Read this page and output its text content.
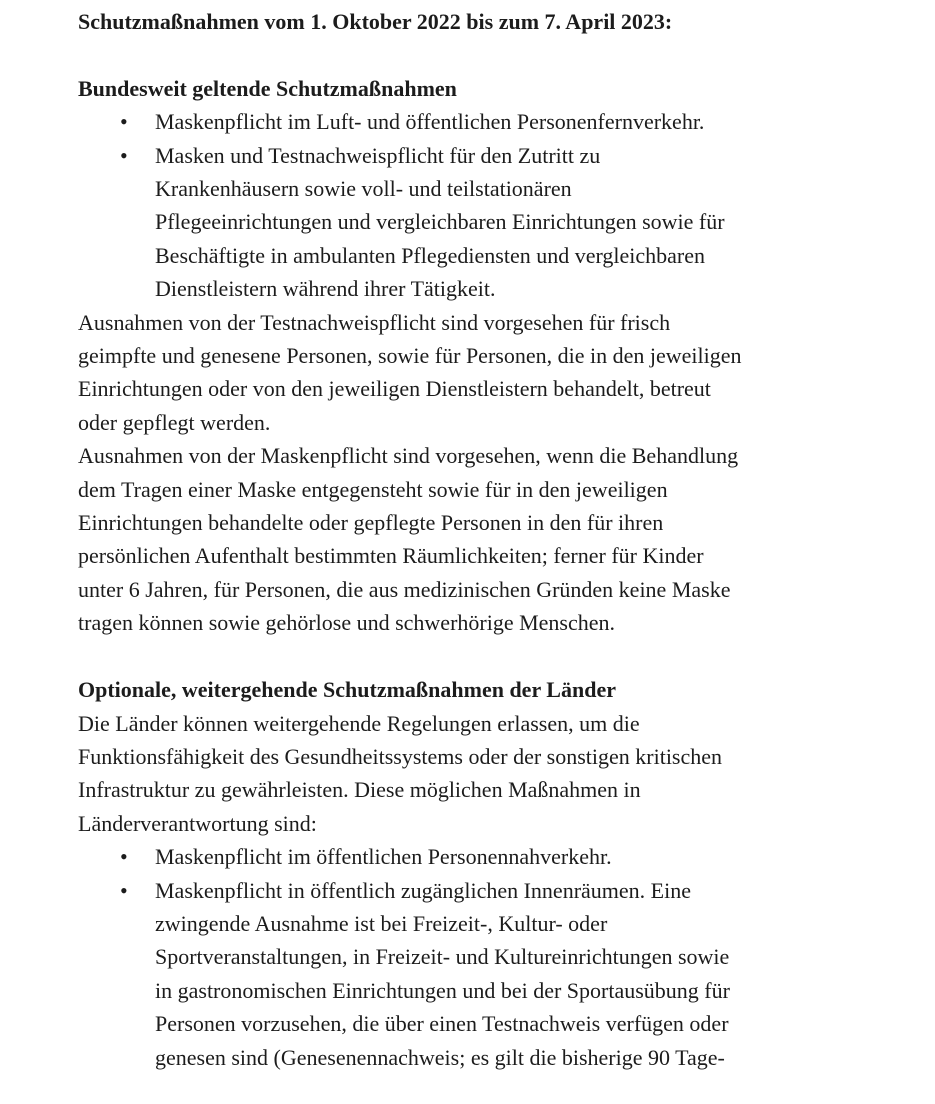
Schutzmaßnahmen vom 1. Oktober 2022 bis zum 7. April 2023:
Bundesweit geltende Schutzmaßnahmen
• Maskenpflicht im Luft- und öffentlichen Personenfernverkehr.
• Masken und Testnachweispflicht für den Zutritt zu
Krankenhäusern sowie voll- und teilstationären
Pflegeeinrichtungen und vergleichbaren Einrichtungen sowie für
Beschäftigte in ambulanten Pflegediensten und vergleichbaren
Dienstleistern während ihrer Tätigkeit.
Ausnahmen von der Testnachweispflicht sind vorgesehen für frisch
geimpfte und genesene Personen, sowie für Personen, die in den jeweiligen
Einrichtungen oder von den jeweiligen Dienstleistern behandelt, betreut
oder gepflegt werden.
Ausnahmen von der Maskenpflicht sind vorgesehen, wenn die Behandlung
dem Tragen einer Maske entgegensteht sowie für in den jeweiligen
Einrichtungen behandelte oder gepflegte Personen in den für ihren
persönlichen Aufenthalt bestimmten Räumlichkeiten; ferner für Kinder
unter 6 Jahren, für Personen, die aus medizinischen Gründen keine Maske
tragen können sowie gehörlose und schwerhörige Menschen.
Optionale, weitergehende Schutzmaßnahmen der Länder
Die Länder können weitergehende Regelungen erlassen, um die
Funktionsfähigkeit des Gesundheitssystems oder der sonstigen kritischen
Infrastruktur zu gewährleisten. Diese möglichen Maßnahmen in
Länderverantwortung sind:
• Maskenpflicht im öffentlichen Personennahverkehr.
• Maskenpflicht in öffentlich zugänglichen Innenräumen. Eine
zwingende Ausnahme ist bei Freizeit-, Kultur- oder
Sportveranstaltungen, in Freizeit- und Kultureinrichtungen sowie
in gastronomischen Einrichtungen und bei der Sportausübung für
Personen vorzusehen, die über einen Testnachweis verfügen oder
genesen sind (Genesenennachweis; es gilt die bisherige 90 Tage-
